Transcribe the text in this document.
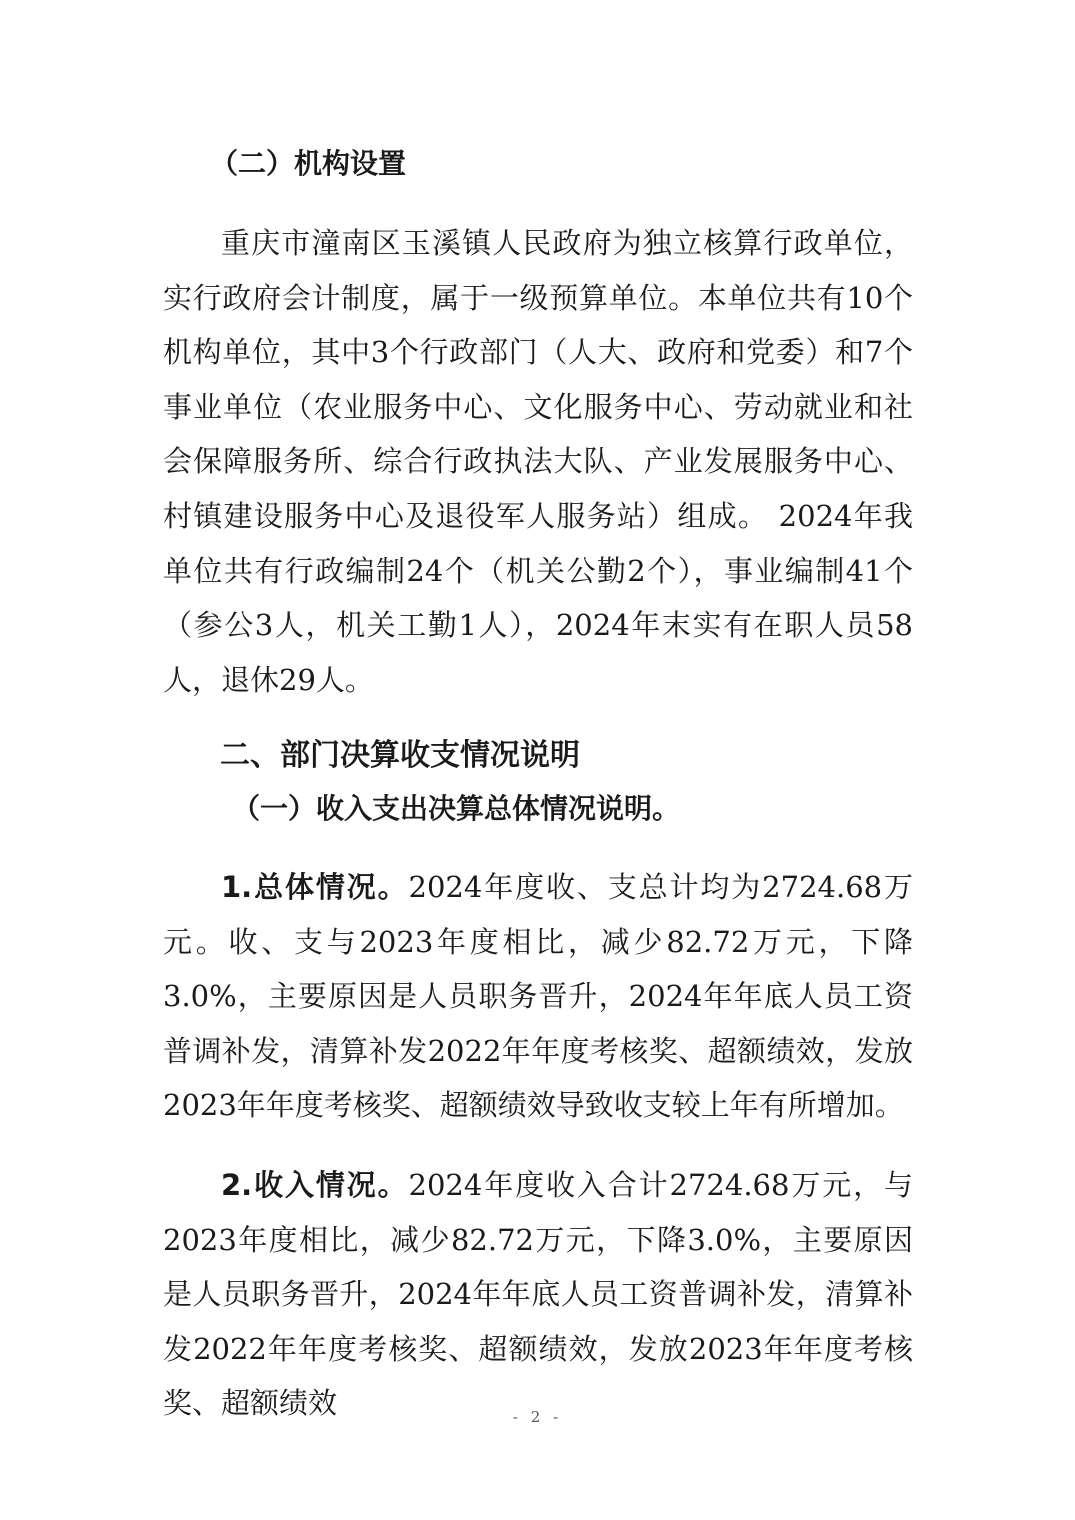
（二）机构设置

重庆市潼南区玉溪镇人民政府为独立核算行政单位，实行政府会计制度，属于一级预算单位。本单位共有10个机构单位，其中3个行政部门（人大、政府和党委）和7个事业单位（农业服务中心、文化服务中心、劳动就业和社会保障服务所、综合行政执法大队、产业发展服务中心、村镇建设服务中心及退役军人服务站）组成。 2024年我单位共有行政编制24个（机关公勤2个），事业编制41个（参公3人，机关工勤1人），2024年末实有在职人员58人，退休29人。

二、部门决算收支情况说明
（一）收入支出决算总体情况说明。

1.总体情况。2024年度收、支总计均为2724.68万元。收、支与2023年度相比，减少82.72万元，下降3.0%，主要原因是人员职务晋升，2024年年底人员工资普调补发，清算补发2022年年度考核奖、超额绩效，发放2023年年度考核奖、超额绩效导致收支较上年有所增加。

2.收入情况。2024年度收入合计2724.68万元，与2023年度相比，减少82.72万元，下降3.0%，主要原因是人员职务晋升，2024年年底人员工资普调补发，清算补发2022年年度考核奖、超额绩效，发放2023年年度考核奖、超额绩效	- 2 -
